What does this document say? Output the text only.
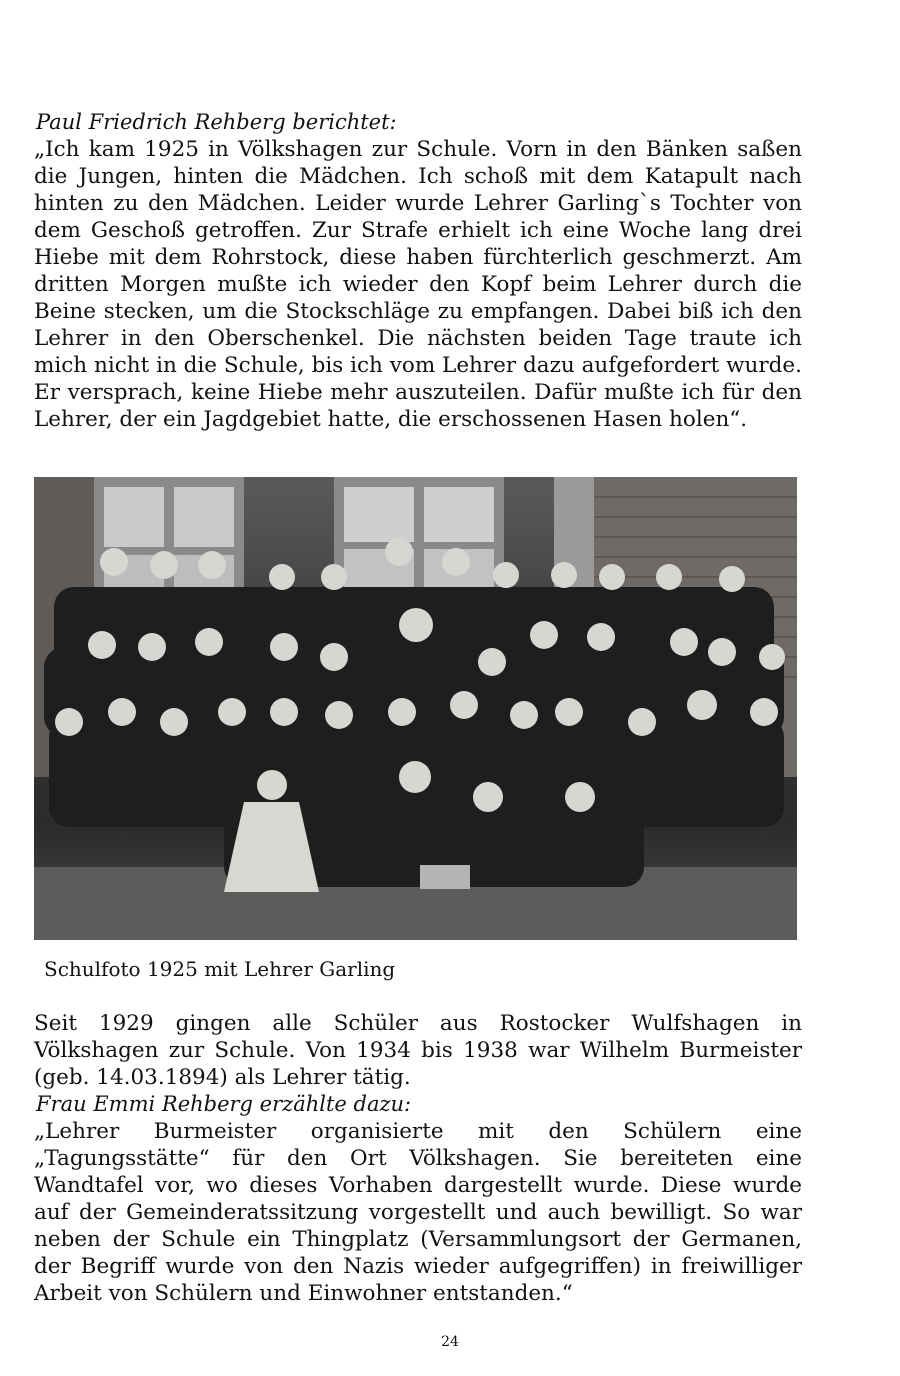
Paul Friedrich Rehberg berichtet:

„Ich kam 1925 in Völkshagen zur Schule. Vorn in den Bänken saßen die Jungen, hinten die Mädchen. Ich schoß mit dem Katapult nach hinten zu den Mädchen. Leider wurde Lehrer Garling`s Tochter von dem Geschoß getroffen. Zur Strafe erhielt ich eine Woche lang drei Hiebe mit dem Rohrstock, diese haben fürchterlich geschmerzt. Am dritten Morgen mußte ich wieder den Kopf beim Lehrer durch die Beine stecken, um die Stockschläge zu empfangen. Dabei biß ich den Lehrer in den Oberschenkel. Die nächsten beiden Tage traute ich mich nicht in die Schule, bis ich vom Lehrer dazu aufgefordert wurde. Er versprach, keine Hiebe mehr auszuteilen. Dafür mußte ich für den Lehrer, der ein Jagdgebiet hatte, die erschossenen Hasen holen“.

Schulfoto 1925 mit Lehrer Garling

Seit 1929 gingen alle Schüler aus Rostocker Wulfshagen in Völkshagen zur Schule. Von 1934 bis 1938 war Wilhelm Burmeister (geb. 14.03.1894) als Lehrer tätig.

Frau Emmi Rehberg erzählte dazu:

„Lehrer Burmeister organisierte mit den Schülern eine „Tagungsstätte“ für den Ort Völkshagen. Sie bereiteten eine Wandtafel vor, wo dieses Vorhaben dargestellt wurde. Diese wurde auf der Gemeinderatssitzung vorgestellt und auch bewilligt. So war neben der Schule ein Thingplatz (Versammlungsort der Germanen, der Begriff wurde von den Nazis wieder aufgegriffen) in freiwilliger Arbeit von Schülern und Einwohner entstanden.“

24
